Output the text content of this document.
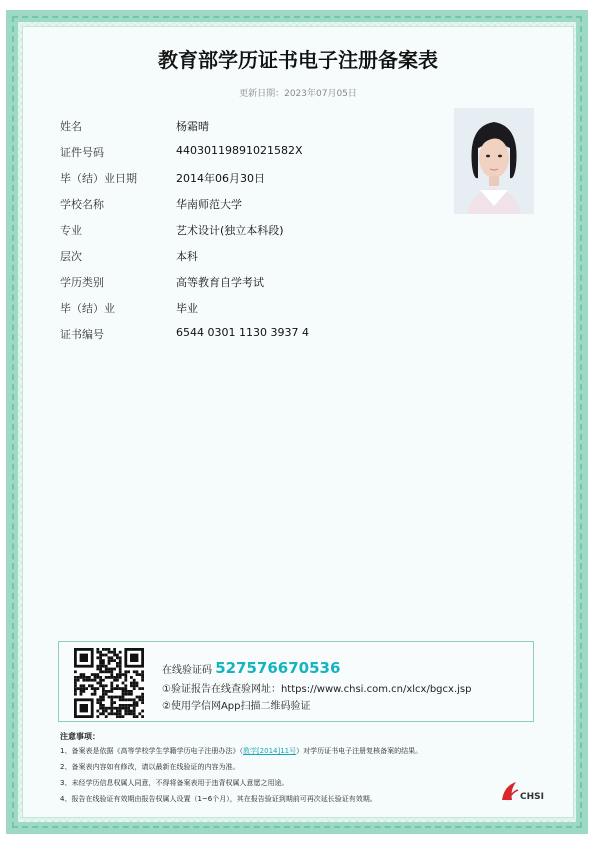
教育部学历证书电子注册备案表
更新日期：2023年07月05日
姓名	杨霜晴
证件号码	44030119891021582X
毕（结）业日期	2014年06月30日
学校名称	华南师范大学
专业	艺术设计(独立本科段)
层次	本科
学历类别	高等教育自学考试
毕（结）业	毕业
证书编号	6544 0301 1130 3937 4
在线验证码 527576670536
①验证报告在线查验网址：https://www.chsi.com.cn/xlcx/bgcx.jsp
②使用学信网App扫描二维码验证
注意事项：
1、备案表是依据《高等学校学生学籍学历电子注册办法》（教学[2014]11号）对学历证书电子注册复核备案的结果。
2、备案表内容如有修改，请以最新在线验证的内容为准。
3、未经学历信息权属人同意，不得将备案表用于违背权属人意愿之用途。
4、报告在线验证有效期由报告权属人设置（1~6个月），其在报告验证到期前可再次延长验证有效期。	CHSI
